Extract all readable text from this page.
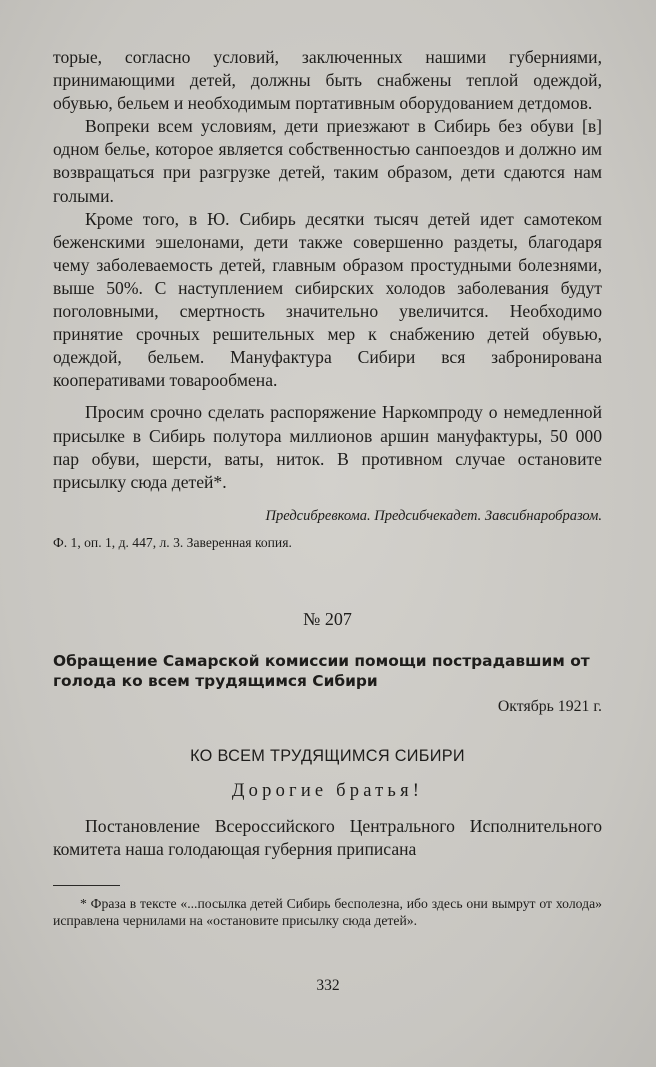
торые, согласно условий, заключенных нашими губерниями, принимающими детей, должны быть снабжены теплой одеждой, обувью, бельем и необходимым портативным оборудованием детдомов.

Вопреки всем условиям, дети приезжают в Сибирь без обуви [в] одном белье, которое является собственностью санпоездов и должно им возвращаться при разгрузке детей, таким образом, дети сдаются нам голыми.

Кроме того, в Ю. Сибирь десятки тысяч детей идет самотеком беженскими эшелонами, дети также совершенно раздеты, благодаря чему заболеваемость детей, главным образом простудными болезнями, выше 50%. С наступлением сибирских холодов заболевания будут поголовными, смертность значительно увеличится. Необходимо принятие срочных решительных мер к снабжению детей обувью, одеждой, бельем. Мануфактура Сибири вся забронирована кооперативами товарообмена.

Просим срочно сделать распоряжение Наркомпроду о немедленной присылке в Сибирь полутора миллионов аршин мануфактуры, 50 000 пар обуви, шерсти, ваты, ниток. В противном случае остановите присылку сюда детей*.

Предсибревкома. Предсибчекадет. Завсибнаробразом.

Ф. 1, оп. 1, д. 447, л. 3. Заверенная копия.

№ 207

Обращение Самарской комиссии помощи пострадавшим от голода ко всем трудящимся Сибири

Октябрь 1921 г.

КО ВСЕМ ТРУДЯЩИМСЯ СИБИРИ

Дорогие братья!

Постановление Всероссийского Центрального Исполнительного комитета наша голодающая губерния приписана

* Фраза в тексте «...посылка детей Сибирь бесполезна, ибо здесь они вымрут от холода» исправлена чернилами на «остановите присылку сюда детей».

332
